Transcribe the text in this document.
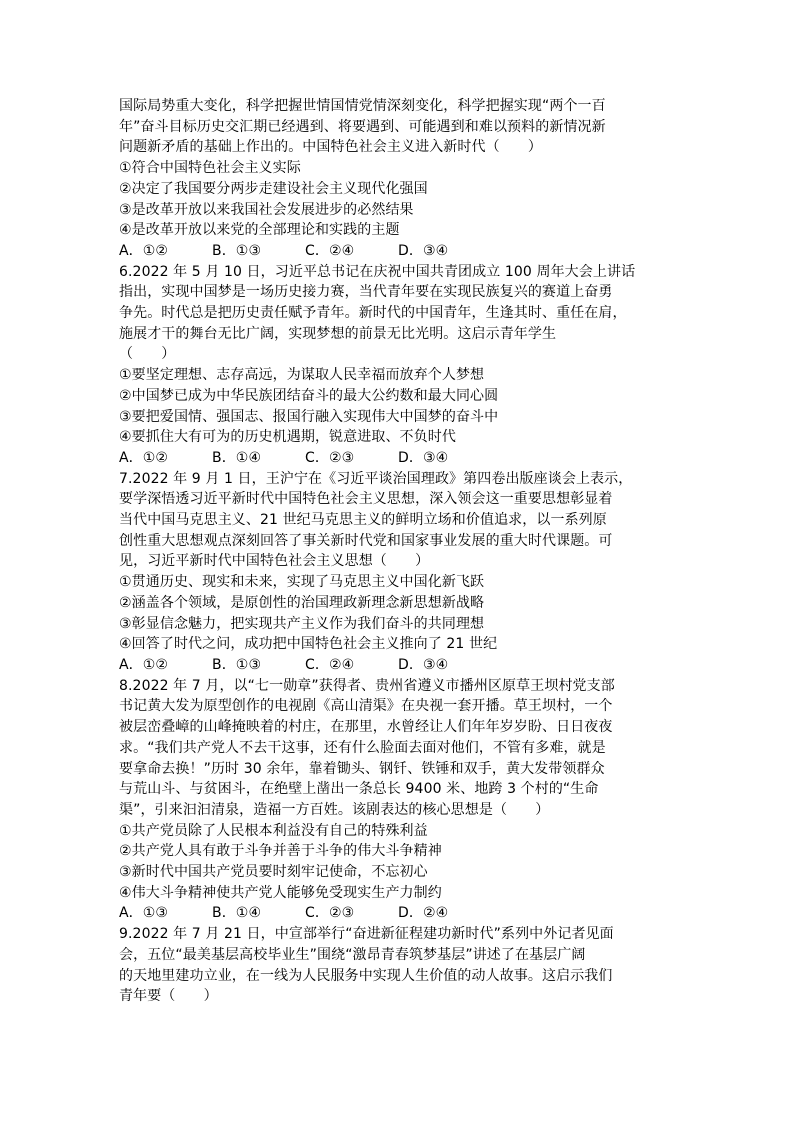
国际局势重大变化，科学把握世情国情党情深刻变化，科学把握实现“两个一百

年”奋斗目标历史交汇期已经遇到、将要遇到、可能遇到和难以预料的新情况新

问题新矛盾的基础上作出的。中国特色社会主义进入新时代（　　）

①符合中国特色社会主义实际

②决定了我国要分两步走建设社会主义现代化强国

③是改革开放以来我国社会发展进步的必然结果

④是改革开放以来党的全部理论和实践的主题

A．①②	B．①③	C．②④	D．③④

6.2022 年 5 月 10 日，习近平总书记在庆祝中国共青团成立 100 周年大会上讲话

指出，实现中国梦是一场历史接力赛，当代青年要在实现民族复兴的赛道上奋勇

争先。时代总是把历史责任赋予青年。新时代的中国青年，生逢其时、重任在肩，

施展才干的舞台无比广阔，实现梦想的前景无比光明。这启示青年学生

（　　）

①要坚定理想、志存高远，为谋取人民幸福而放弃个人梦想

②中国梦已成为中华民族团结奋斗的最大公约数和最大同心圆

③要把爱国情、强国志、报国行融入实现伟大中国梦的奋斗中

④要抓住大有可为的历史机遇期，锐意进取、不负时代

A．①②	B．①④	C．②③	D．③④

7.2022 年 9 月 1 日，王沪宁在《习近平谈治国理政》第四卷出版座谈会上表示，

要学深悟透习近平新时代中国特色社会主义思想，深入领会这一重要思想彰显着

当代中国马克思主义、21 世纪马克思主义的鲜明立场和价值追求，以一系列原

创性重大思想观点深刻回答了事关新时代党和国家事业发展的重大时代课题。可

见，习近平新时代中国特色社会主义思想（　　）

①贯通历史、现实和未来，实现了马克思主义中国化新飞跃

②涵盖各个领域，是原创性的治国理政新理念新思想新战略

③彰显信念魅力，把实现共产主义作为我们奋斗的共同理想

④回答了时代之问，成功把中国特色社会主义推向了 21 世纪

A．①②	B．①③	C．②④	D．③④

8.2022 年 7 月，以“七一勋章”获得者、贵州省遵义市播州区原草王坝村党支部

书记黄大发为原型创作的电视剧《高山清渠》在央视一套开播。草王坝村，一个

被层峦叠嶂的山峰掩映着的村庄，在那里，水曾经让人们年年岁岁盼、日日夜夜

求。“我们共产党人不去干这事，还有什么脸面去面对他们，不管有多难，就是

要拿命去换！”历时 30 余年，靠着锄头、钢钎、铁锤和双手，黄大发带领群众

与荒山斗、与贫困斗，在绝壁上凿出一条总长 9400 米、地跨 3 个村的“生命

渠”，引来汩汩清泉，造福一方百姓。该剧表达的核心思想是（　　）

①共产党员除了人民根本利益没有自己的特殊利益

②共产党人具有敢于斗争并善于斗争的伟大斗争精神

③新时代中国共产党员要时刻牢记使命，不忘初心

④伟大斗争精神使共产党人能够免受现实生产力制约

A．①③	B．①④	C．②③	D．②④

9.2022 年 7 月 21 日，中宣部举行“奋进新征程建功新时代”系列中外记者见面

会，五位“最美基层高校毕业生”围绕“激昂青春筑梦基层”讲述了在基层广阔

的天地里建功立业，在一线为人民服务中实现人生价值的动人故事。这启示我们

青年要（　　）
